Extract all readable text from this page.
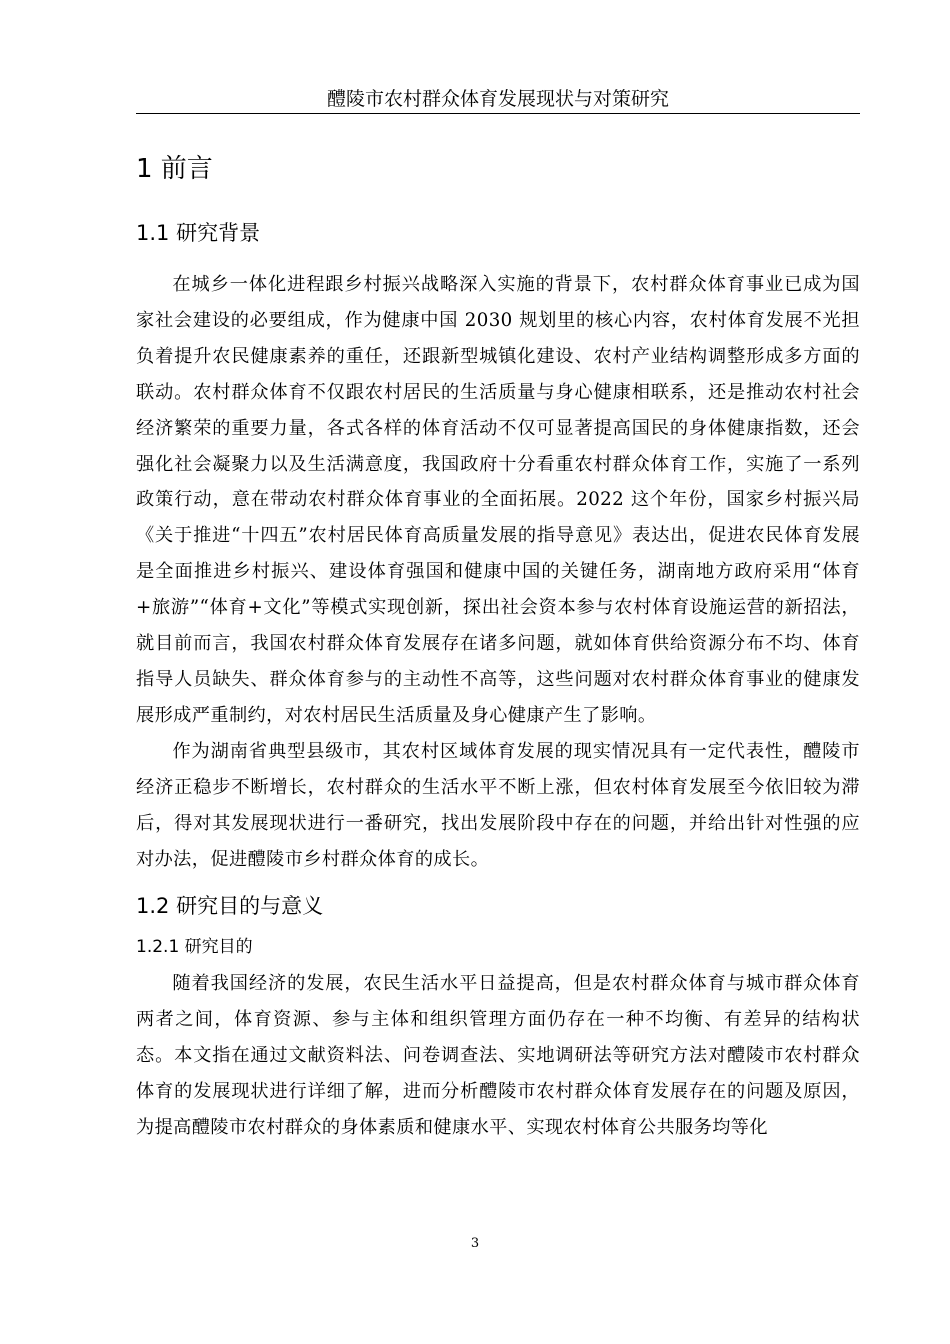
醴陵市农村群众体育发展现状与对策研究
1 前言
1.1 研究背景

在城乡一体化进程跟乡村振兴战略深入实施的背景下，农村群众体育事业已成为国家社会建设的必要组成，作为健康中国 2030 规划里的核心内容，农村体育发展不光担负着提升农民健康素养的重任，还跟新型城镇化建设、农村产业结构调整形成多方面的联动。农村群众体育不仅跟农村居民的生活质量与身心健康相联系，还是推动农村社会经济繁荣的重要力量，各式各样的体育活动不仅可显著提高国民的身体健康指数，还会强化社会凝聚力以及生活满意度，我国政府十分看重农村群众体育工作，实施了一系列政策行动，意在带动农村群众体育事业的全面拓展。2022 这个年份，国家乡村振兴局《关于推进“十四五”农村居民体育高质量发展的指导意见》表达出，促进农民体育发展是全面推进乡村振兴、建设体育强国和健康中国的关键任务，湖南地方政府采用“体育+旅游”“体育+文化”等模式实现创新，探出社会资本参与农村体育设施运营的新招法，就目前而言，我国农村群众体育发展存在诸多问题，就如体育供给资源分布不均、体育指导人员缺失、群众体育参与的主动性不高等，这些问题对农村群众体育事业的健康发展形成严重制约，对农村居民生活质量及身心健康产生了影响。

作为湖南省典型县级市，其农村区域体育发展的现实情况具有一定代表性，醴陵市经济正稳步不断增长，农村群众的生活水平不断上涨，但农村体育发展至今依旧较为滞后，得对其发展现状进行一番研究，找出发展阶段中存在的问题，并给出针对性强的应对办法，促进醴陵市乡村群众体育的成长。

1.2 研究目的与意义
1.2.1 研究目的

随着我国经济的发展，农民生活水平日益提高，但是农村群众体育与城市群众体育两者之间，体育资源、参与主体和组织管理方面仍存在一种不均衡、有差异的结构状态。本文指在通过文献资料法、问卷调查法、实地调研法等研究方法对醴陵市农村群众体育的发展现状进行详细了解，进而分析醴陵市农村群众体育发展存在的问题及原因，为提高醴陵市农村群众的身体素质和健康水平、实现农村体育公共服务均等化

3
